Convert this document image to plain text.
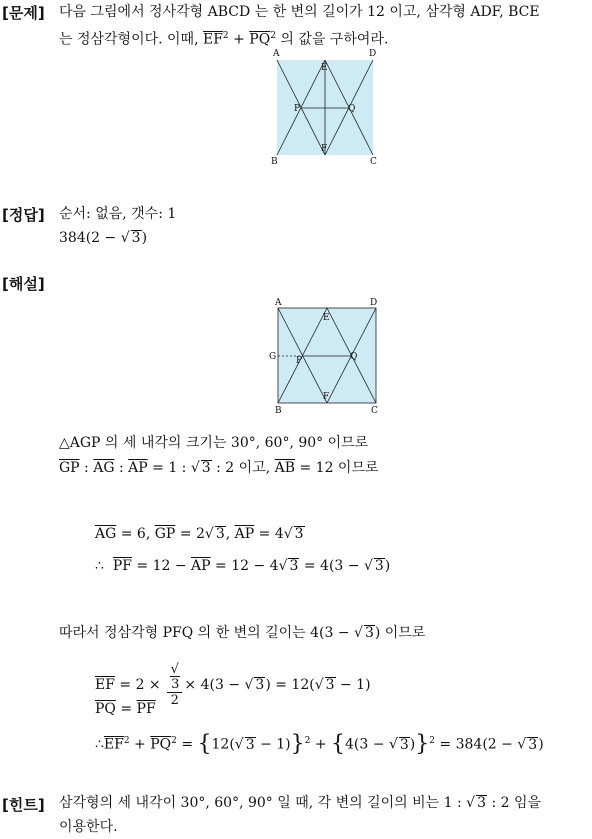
[문제] 다음 그림에서 정사각형 ABCD 는 한 변의 길이가 12 이고, 삼각형 ADF, BCE
는 정삼각형이다. 이때, $\overline{EF}^2 + \overline{PQ}^2$ 의 값을 구하여라.
A	D
E
P	Q
F
B	C
[정답] 순서: 없음, 갯수: 1
384(2 − √ 3)
[해설]
A	D
E
G P	Q
F
B	C
△AGP 의 세 내각의 크기는 30°, 60°, 90° 이므로
$\overline{GP}$ : $\overline{AG}$ : $\overline{AP} = 1$ : √ 3 : 2 이고, $\overline{AB} = 12$ 이므로
$\overline{AG} = 6$, $\overline{GP} = 2√$ 3, $\overline{AP} = 4√$ 3
∴ $\overline{PF} = 12 - \overline{AP} = 12 - 4√$ 3 = 4(3 − √ 3)
따라서 정삼각형 PFQ 의 한 변의 길이는 4(3 − √ 3) 이므로
$\overline{EF} = 2$ × √
3
2 × 4(3 − √ 3) = 12(√ 3 − 1)
$\overline{PQ} = \overline{PF}$
$\therefore\overline{EF}^2 + \overline{PQ}^2 = \{12(√$ 3 − 1)}$^2$ + {4(3 − √ 3)}$^2$ = 384(2 − √ 3)
[힌트] 삼각형의 세 내각이 30°, 60°, 90° 일 때, 각 변의 길이의 비는 1 : √ 3 : 2 임을
이용한다.
